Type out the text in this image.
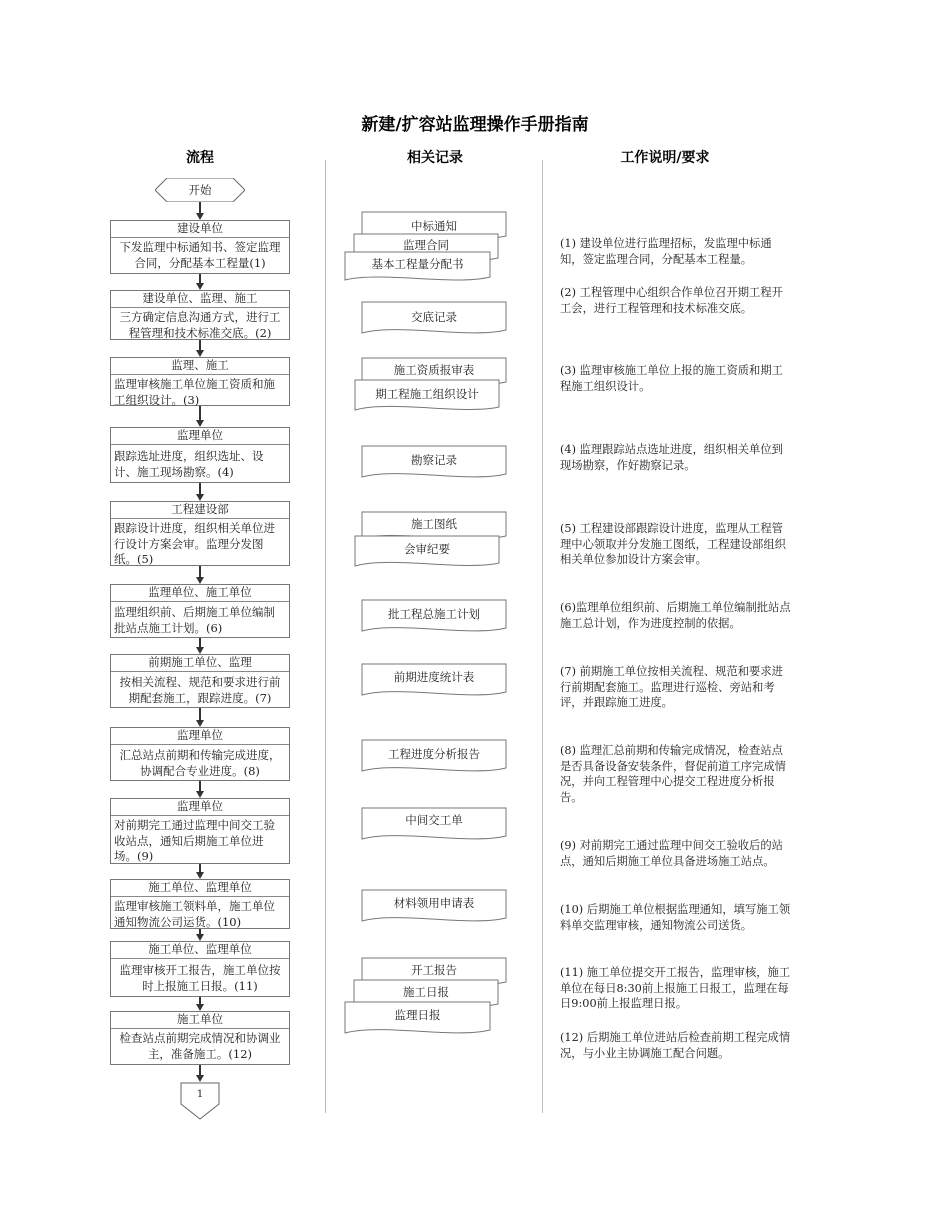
新建/扩容站监理操作手册指南
流程	相关记录	工作说明/要求
开始
建设单位
下发监理中标通知书、签定监理合同，分配基本工程量(1)
建设单位、监理、施工
三方确定信息沟通方式，进行工程管理和技术标准交底。(2)
监理、施工
监理审核施工单位施工资质和施工组织设计。(3)
监理单位
跟踪选址进度，组织选址、设计、施工现场勘察。(4)
工程建设部
跟踪设计进度，组织相关单位进行设计方案会审。监理分发图纸。(5)
监理单位、施工单位
监理组织前、后期施工单位编制批站点施工计划。(6)
前期施工单位、监理
按相关流程、规范和要求进行前期配套施工，跟踪进度。(7)
监理单位
汇总站点前期和传输完成进度，协调配合专业进度。(8)
监理单位
对前期完工通过监理中间交工验收站点，通知后期施工单位进场。(9)
施工单位、监理单位
监理审核施工领料单，施工单位通知物流公司运货。(10)
施工单位、监理单位
监理审核开工报告，施工单位按时上报施工日报。(11)
施工单位
检查站点前期完成情况和协调业主，准备施工。(12)
1
中标通知
监理合同
基本工程量分配书
交底记录
施工资质报审表
期工程施工组织设计
勘察记录
施工图纸
会审纪要
批工程总施工计划
前期进度统计表
工程进度分析报告
中间交工单
材料领用申请表
开工报告
施工日报
监理日报
(1) 建设单位进行监理招标，发监理中标通知，签定监理合同，分配基本工程量。
(2) 工程管理中心组织合作单位召开期工程开工会，进行工程管理和技术标准交底。
(3) 监理审核施工单位上报的施工资质和期工程施工组织设计。
(4) 监理跟踪站点选址进度，组织相关单位到现场勘察，作好勘察记录。
(5) 工程建设部跟踪设计进度，监理从工程管理中心领取并分发施工图纸，工程建设部组织相关单位参加设计方案会审。
(6)监理单位组织前、后期施工单位编制批站点施工总计划，作为进度控制的依据。
(7) 前期施工单位按相关流程、规范和要求进行前期配套施工。监理进行巡检、旁站和考评，并跟踪施工进度。
(8) 监理汇总前期和传输完成情况，检查站点是否具备设备安装条件，督促前道工序完成情况，并向工程管理中心提交工程进度分析报告。
(9) 对前期完工通过监理中间交工验收后的站点，通知后期施工单位具备进场施工站点。
(10) 后期施工单位根据监理通知，填写施工领料单交监理审核，通知物流公司送货。
(11) 施工单位提交开工报告，监理审核，施工单位在每日8:30前上报施工日报工，监理在每日9:00前上报监理日报。
(12) 后期施工单位进站后检查前期工程完成情况，与小业主协调施工配合问题。
